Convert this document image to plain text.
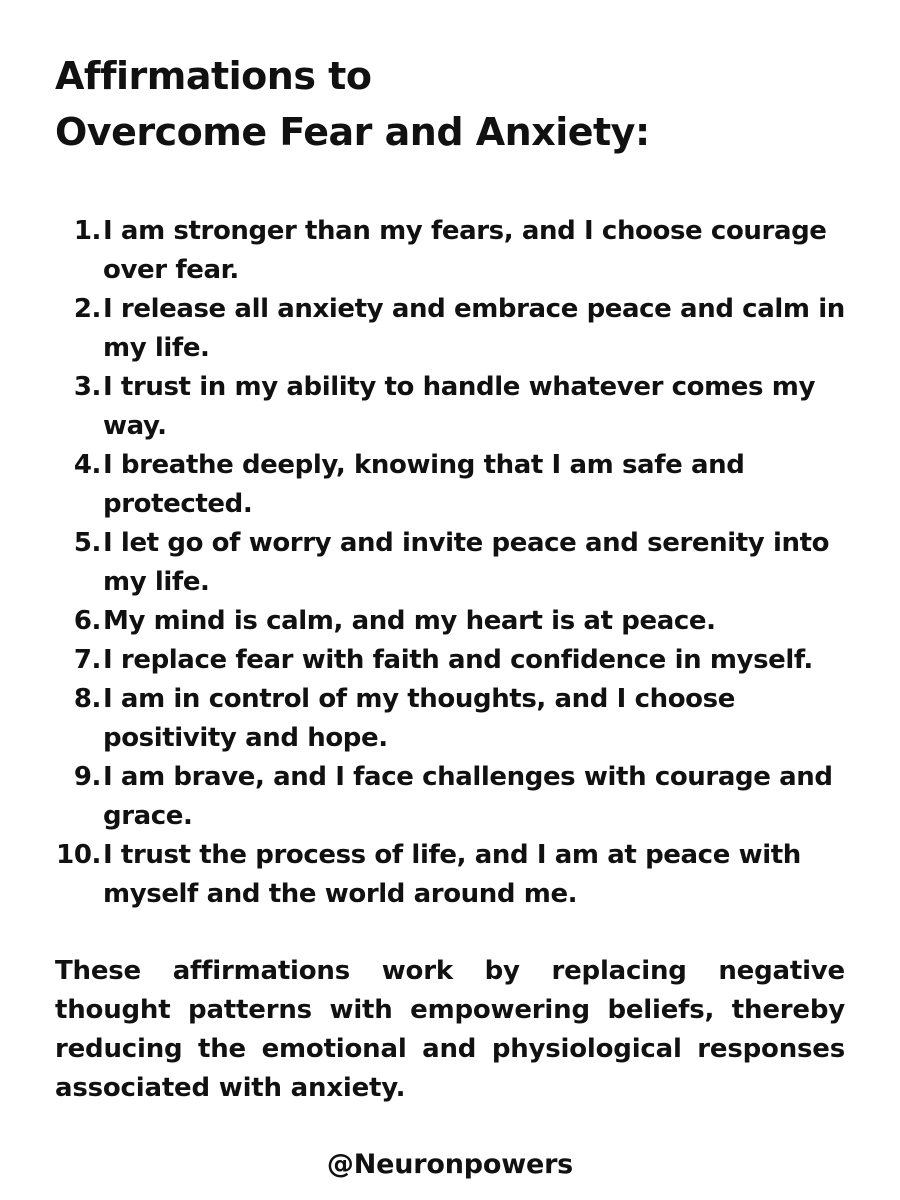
Affirmations to
Overcome Fear and Anxiety:
1. I am stronger than my fears, and I choose courage over fear.
2. I release all anxiety and embrace peace and calm in my life.
3. I trust in my ability to handle whatever comes my way.
4. I breathe deeply, knowing that I am safe and protected.
5. I let go of worry and invite peace and serenity into my life.
6. My mind is calm, and my heart is at peace.
7. I replace fear with faith and confidence in myself.
8. I am in control of my thoughts, and I choose positivity and hope.
9. I am brave, and I face challenges with courage and grace.
10. I trust the process of life, and I am at peace with myself and the world around me.

These affirmations work by replacing negative thought patterns with empowering beliefs, thereby reducing the emotional and physiological responses associated with anxiety.

@Neuronpowers
